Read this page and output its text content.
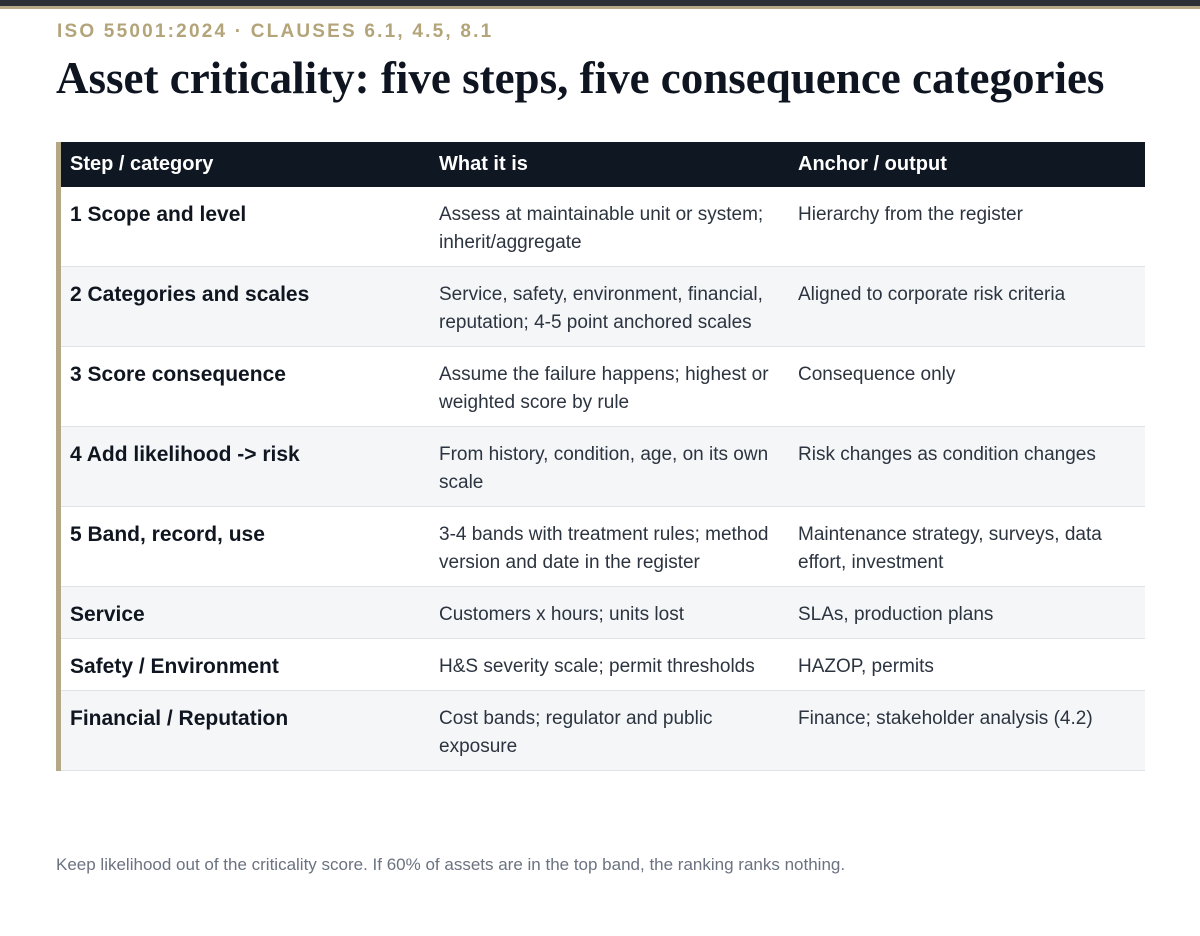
ISO 55001:2024 · CLAUSES 6.1, 4.5, 8.1
Asset criticality: five steps, five consequence categories
Step / category	What it is	Anchor / output
1 Scope and level	Assess at maintainable unit or system; inherit/aggregate	Hierarchy from the register
2 Categories and scales	Service, safety, environment, financial, reputation; 4-5 point anchored scales	Aligned to corporate risk criteria
3 Score consequence	Assume the failure happens; highest or weighted score by rule	Consequence only
4 Add likelihood -> risk	From history, condition, age, on its own scale	Risk changes as condition changes
5 Band, record, use	3-4 bands with treatment rules; method version and date in the register	Maintenance strategy, surveys, data effort, investment
Service	Customers x hours; units lost	SLAs, production plans
Safety / Environment	H&S severity scale; permit thresholds	HAZOP, permits
Financial / Reputation	Cost bands; regulator and public exposure	Finance; stakeholder analysis (4.2)

Keep likelihood out of the criticality score. If 60% of assets are in the top band, the ranking ranks nothing.
